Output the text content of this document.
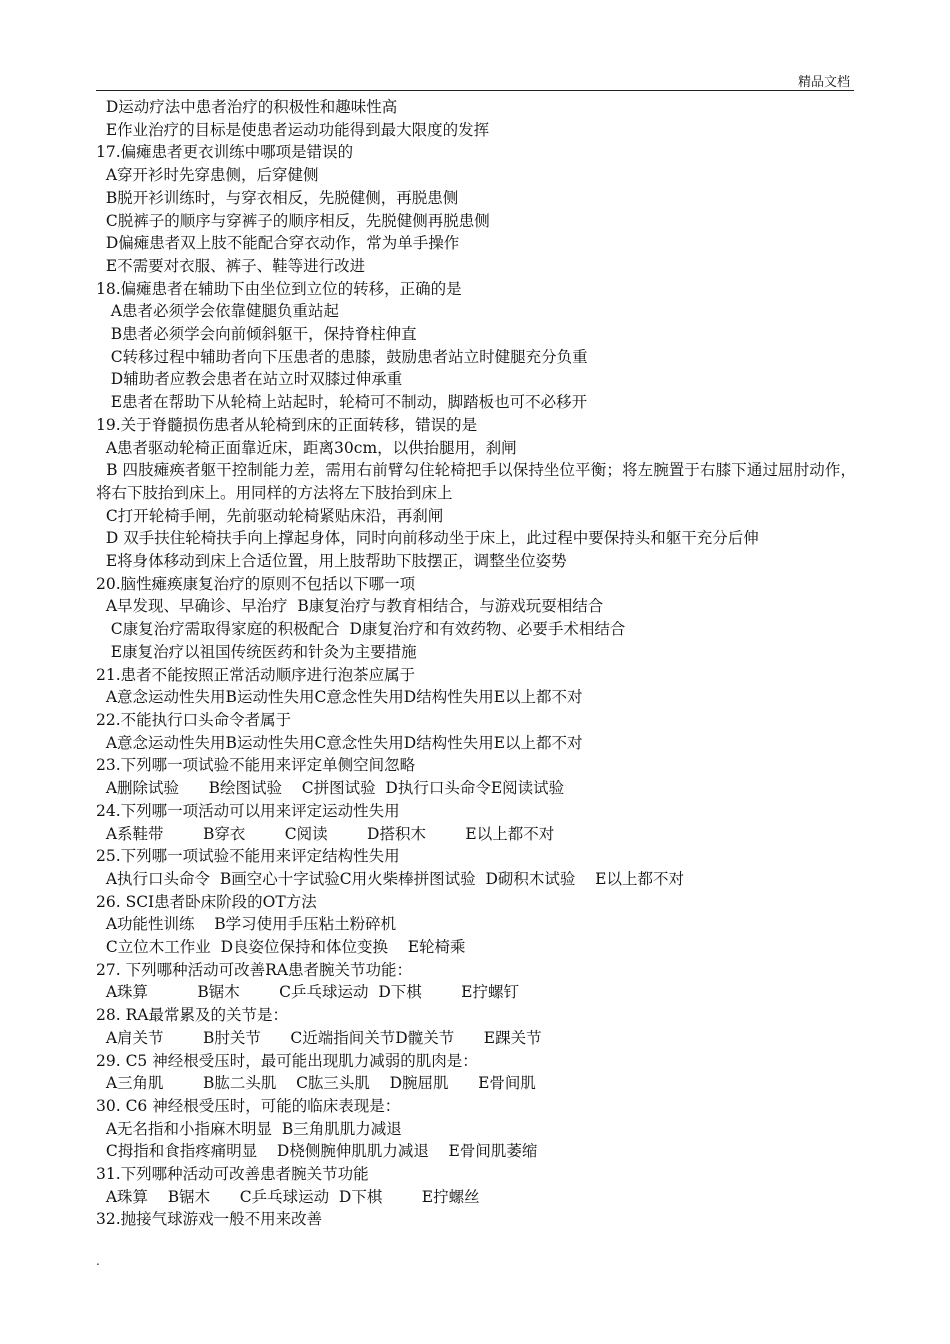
精品文档
D运动疗法中患者治疗的积极性和趣味性高
E作业治疗的目标是使患者运动功能得到最大限度的发挥
17.偏瘫患者更衣训练中哪项是错误的
A穿开衫时先穿患侧，后穿健侧
B脱开衫训练时，与穿衣相反，先脱健侧，再脱患侧
C脱裤子的顺序与穿裤子的顺序相反，先脱健侧再脱患侧
D偏瘫患者双上肢不能配合穿衣动作，常为单手操作
E不需要对衣服、裤子、鞋等进行改进
18.偏瘫患者在辅助下由坐位到立位的转移，正确的是
A患者必须学会依靠健腿负重站起
B患者必须学会向前倾斜躯干，保持脊柱伸直
C转移过程中辅助者向下压患者的患膝，鼓励患者站立时健腿充分负重
D辅助者应教会患者在站立时双膝过伸承重
E患者在帮助下从轮椅上站起时，轮椅可不制动，脚踏板也可不必移开
19.关于脊髓损伤患者从轮椅到床的正面转移，错误的是
A患者驱动轮椅正面靠近床，距离30cm，以供抬腿用，刹闸
B 四肢瘫痪者躯干控制能力差，需用右前臂勾住轮椅把手以保持坐位平衡；将左腕置于右膝下通过屈肘动作，将右下肢抬到床上。用同样的方法将左下肢抬到床上
C打开轮椅手闸，先前驱动轮椅紧贴床沿，再刹闸
D 双手扶住轮椅扶手向上撑起身体，同时向前移动坐于床上，此过程中要保持头和躯干充分后伸
E将身体移动到床上合适位置，用上肢帮助下肢摆正，调整坐位姿势
20.脑性瘫痪康复治疗的原则不包括以下哪一项
A早发现、早确诊、早治疗  B康复治疗与教育相结合，与游戏玩耍相结合
C康复治疗需取得家庭的积极配合  D康复治疗和有效药物、必要手术相结合
E康复治疗以祖国传统医药和针灸为主要措施
21.患者不能按照正常活动顺序进行泡茶应属于
A意念运动性失用B运动性失用C意念性失用D结构性失用E以上都不对
22.不能执行口头命令者属于
A意念运动性失用B运动性失用C意念性失用D结构性失用E以上都不对
23.下列哪一项试验不能用来评定单侧空间忽略
A删除试验      B绘图试验    C拼图试验  D执行口头命令E阅读试验
24.下列哪一项活动可以用来评定运动性失用
A系鞋带        B穿衣        C阅读        D搭积木        E以上都不对
25.下列哪一项试验不能用来评定结构性失用
A执行口头命令  B画空心十字试验C用火柴棒拼图试验  D砌积木试验    E以上都不对
26. SCI患者卧床阶段的OT方法
A功能性训练    B学习使用手压粘土粉碎机
C立位木工作业  D良姿位保持和体位变换    E轮椅乘
27. 下列哪种活动可改善RA患者腕关节功能：
A珠算          B锯木        C乒乓球运动  D下棋        E拧螺钉
28. RA最常累及的关节是：
A肩关节        B肘关节      C近端指间关节D髋关节      E踝关节
29. C5 神经根受压时，最可能出现肌力减弱的肌肉是：
A三角肌        B肱二头肌    C肱三头肌    D腕屈肌      E骨间肌
30. C6 神经根受压时，可能的临床表现是：
A无名指和小指麻木明显  B三角肌肌力减退
C拇指和食指疼痛明显    D桡侧腕伸肌肌力减退    E骨间肌萎缩
31.下列哪种活动可改善患者腕关节功能
A珠算    B锯木      C乒乓球运动  D下棋        E拧螺丝
32.抛接气球游戏一般不用来改善
.
